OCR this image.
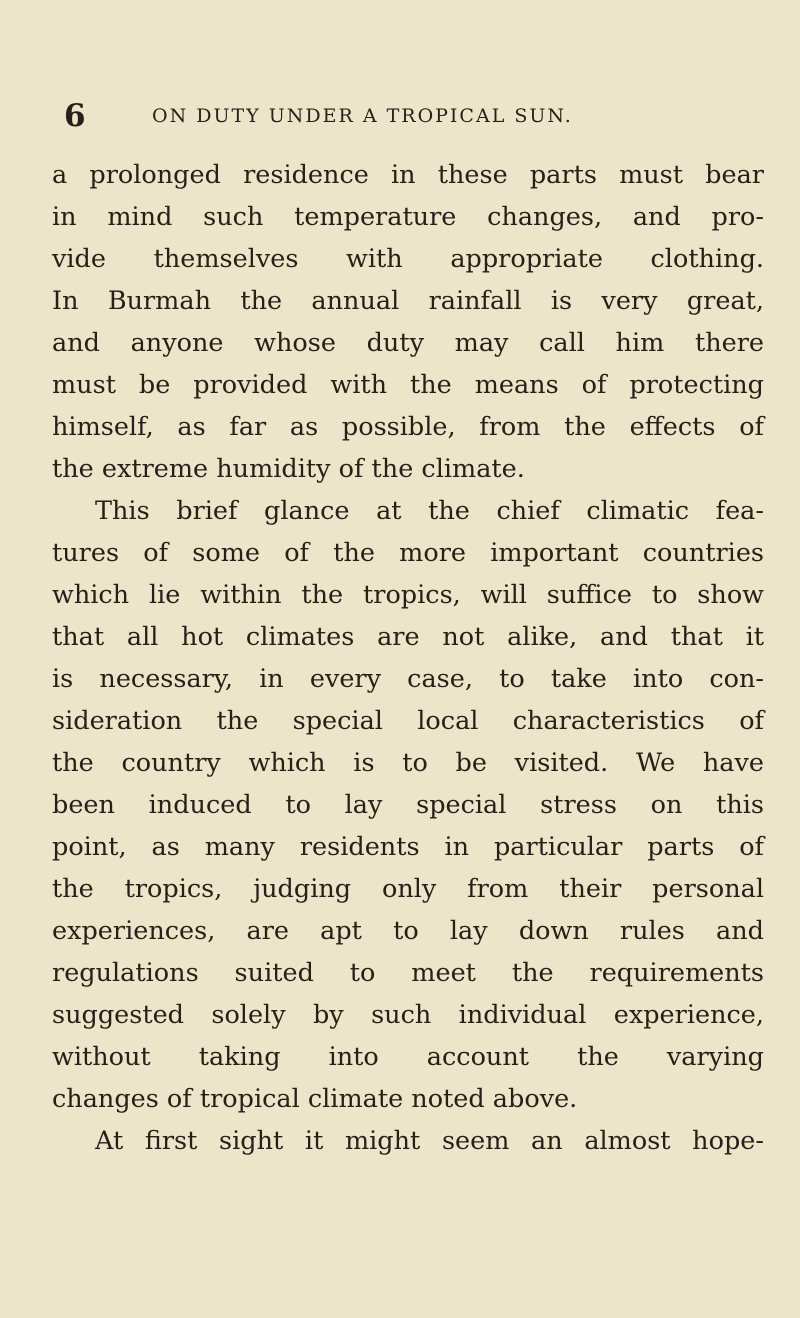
6	ON DUTY UNDER A TROPICAL SUN.
a prolonged residence in these parts must bear
in mind such temperature changes, and pro-
vide themselves with appropriate clothing.
In Burmah the annual rainfall is very great,
and anyone whose duty may call him there
must be provided with the means of protecting
himself, as far as possible, from the effects of
the extreme humidity of the climate.
This brief glance at the chief climatic fea-
tures of some of the more important countries
which lie within the tropics, will suffice to show
that all hot climates are not alike, and that it
is necessary, in every case, to take into con-
sideration the special local characteristics of
the country which is to be visited. We have
been induced to lay special stress on this
point, as many residents in particular parts of
the tropics, judging only from their personal
experiences, are apt to lay down rules and
regulations suited to meet the requirements
suggested solely by such individual experience,
without taking into account the varying
changes of tropical climate noted above.
At first sight it might seem an almost hope-
